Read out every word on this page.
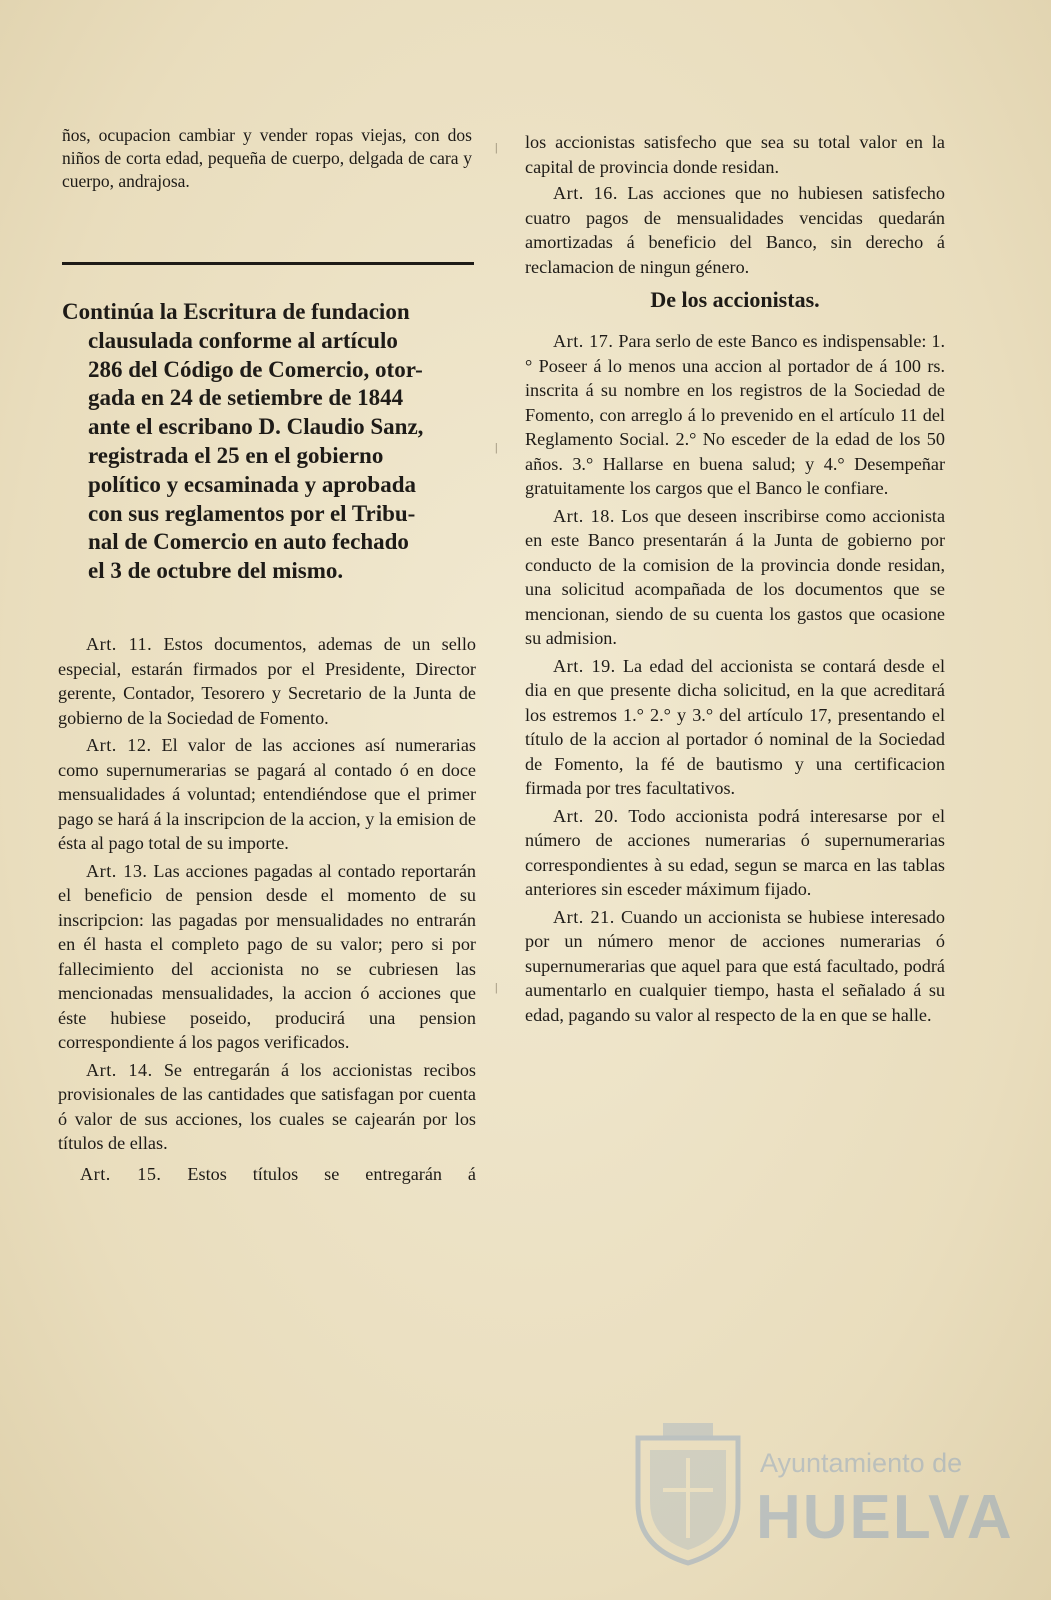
ños, ocupacion cambiar y vender ropas viejas, con dos niños de corta edad, pequeña de cuerpo, delgada de cara y cuerpo, andrajosa.

Continúa la Escritura de fundacion

clausulada conforme al artículo

286 del Código de Comercio, otor-

gada en 24 de setiembre de 1844

ante el escribano D. Claudio Sanz,

registrada el 25 en el gobierno

político y ecsaminada y aprobada

con sus reglamentos por el Tribu-

nal de Comercio en auto fechado

el 3 de octubre del mismo.

Art. 11. Estos documentos, ademas de un sello especial, estarán firmados por el Presidente, Director gerente, Contador, Tesorero y Secretario de la Junta de gobierno de la Sociedad de Fomento.

Art. 12. El valor de las acciones así numerarias como supernumerarias se pagará al contado ó en doce mensualidades á voluntad; entendiéndose que el primer pago se hará á la inscripcion de la accion, y la emision de ésta al pago total de su importe.

Art. 13. Las acciones pagadas al contado reportarán el beneficio de pension desde el momento de su inscripcion: las pagadas por mensualidades no entrarán en él hasta el completo pago de su valor; pero si por fallecimiento del accionista no se cubriesen las mencionadas mensualidades, la accion ó acciones que éste hubiese poseido, producirá una pension correspondiente á los pagos verificados.

Art. 14. Se entregarán á los accionistas recibos provisionales de las cantidades que satisfagan por cuenta ó valor de sus acciones, los cuales se cajearán por los títulos de ellas.

Art. 15. Estos títulos se entregarán á

los accionistas satisfecho que sea su total valor en la capital de provincia donde residan.

Art. 16. Las acciones que no hubiesen satisfecho cuatro pagos de mensualidades vencidas quedarán amortizadas á beneficio del Banco, sin derecho á reclamacion de ningun género.

De los accionistas.

Art. 17. Para serlo de este Banco es indispensable: 1.° Poseer á lo menos una accion al portador de á 100 rs. inscrita á su nombre en los registros de la Sociedad de Fomento, con arreglo á lo prevenido en el artículo 11 del Reglamento Social. 2.° No esceder de la edad de los 50 años. 3.° Hallarse en buena salud; y 4.° Desempeñar gratuitamente los cargos que el Banco le confiare.

Art. 18. Los que deseen inscribirse como accionista en este Banco presentarán á la Junta de gobierno por conducto de la comision de la provincia donde residan, una solicitud acompañada de los documentos que se mencionan, siendo de su cuenta los gastos que ocasione su admision.

Art. 19. La edad del accionista se contará desde el dia en que presente dicha solicitud, en la que acreditará los estremos 1.° 2.° y 3.° del artículo 17, presentando el título de la accion al portador ó nominal de la Sociedad de Fomento, la fé de bautismo y una certificacion firmada por tres facultativos.

Art. 20. Todo accionista podrá interesarse por el número de acciones numerarias ó supernumerarias correspondientes à su edad, segun se marca en las tablas anteriores sin esceder máximum fijado.

Art. 21. Cuando un accionista se hubiese interesado por un número menor de acciones numerarias ó supernumerarias que aquel para que está facultado, podrá aumentarlo en cualquier tiempo, hasta el señalado á su edad, pagando su valor al respecto de la en que se halle.

|
|
|
Ayuntamiento de
HUELVA
